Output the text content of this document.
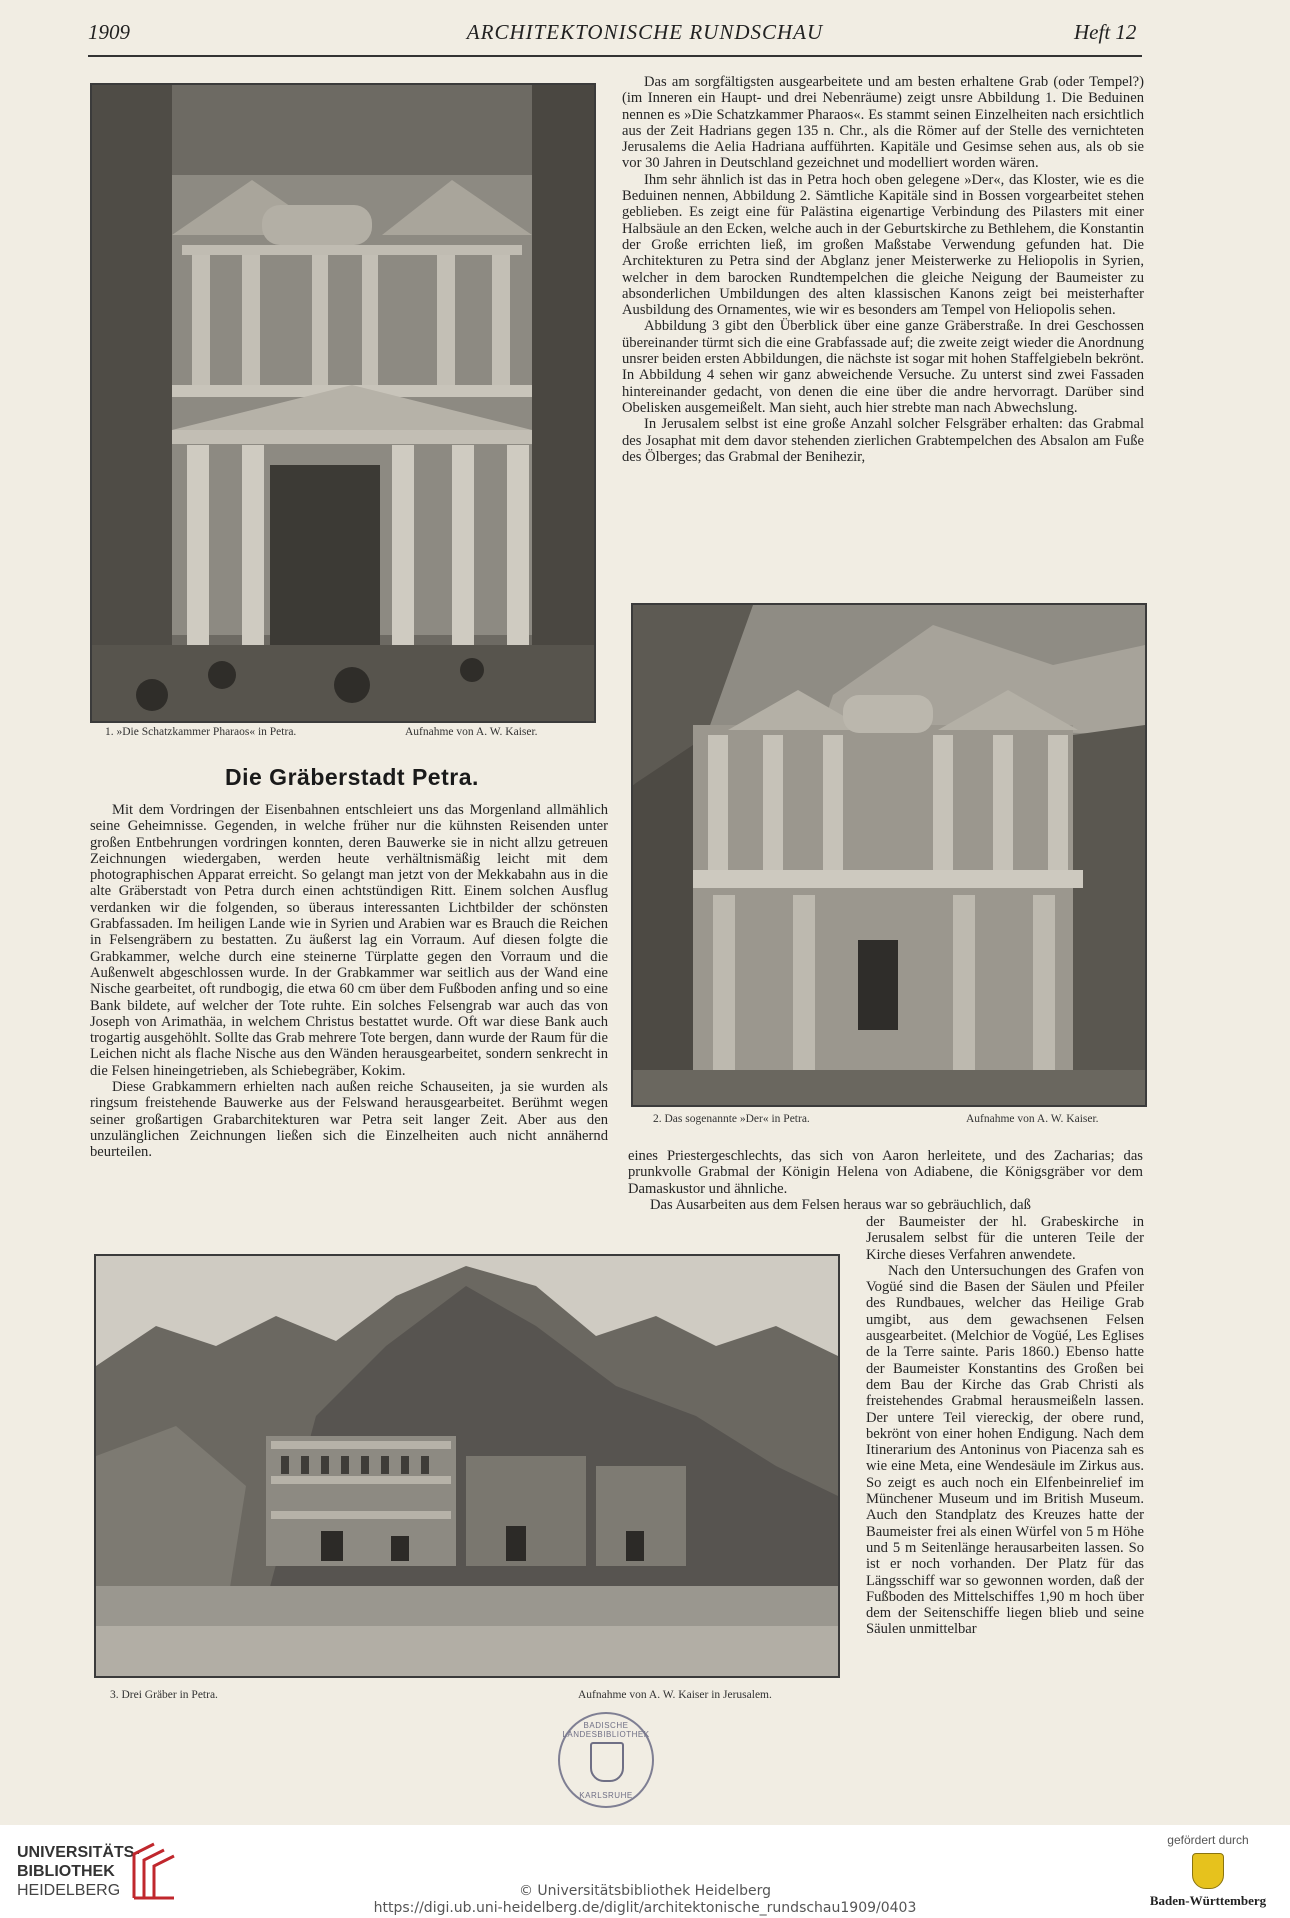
1909	ARCHITEKTONISCHE RUNDSCHAU	Heft 12
1. »Die Schatzkammer Pharaos« in Petra.	Aufnahme von A. W. Kaiser.
Die Gräberstadt Petra.

Mit dem Vordringen der Eisenbahnen entschleiert uns das Morgenland allmählich seine Geheimnisse. Gegenden, in welche früher nur die kühnsten Reisenden unter großen Entbehrungen vordringen konnten, deren Bauwerke sie in nicht allzu getreuen Zeichnungen wiedergaben, werden heute verhältnismäßig leicht mit dem photographischen Apparat erreicht. So gelangt man jetzt von der Mekkabahn aus in die alte Gräberstadt von Petra durch einen achtstündigen Ritt. Einem solchen Ausflug verdanken wir die folgenden, so überaus interessanten Lichtbilder der schönsten Grabfassaden. Im heiligen Lande wie in Syrien und Arabien war es Brauch die Reichen in Felsengräbern zu bestatten. Zu äußerst lag ein Vorraum. Auf diesen folgte die Grabkammer, welche durch eine steinerne Türplatte gegen den Vorraum und die Außenwelt abgeschlossen wurde. In der Grabkammer war seitlich aus der Wand eine Nische gearbeitet, oft rundbogig, die etwa 60 cm über dem Fußboden anfing und so eine Bank bildete, auf welcher der Tote ruhte. Ein solches Felsengrab war auch das von Joseph von Arimathäa, in welchem Christus bestattet wurde. Oft war diese Bank auch trogartig ausgehöhlt. Sollte das Grab mehrere Tote bergen, dann wurde der Raum für die Leichen nicht als flache Nische aus den Wänden herausgearbeitet, sondern senkrecht in die Felsen hineingetrieben, als Schiebegräber, Kokim.

Diese Grabkammern erhielten nach außen reiche Schauseiten, ja sie wurden als ringsum freistehende Bauwerke aus der Felswand herausgearbeitet. Berühmt wegen seiner großartigen Grabarchitekturen war Petra seit langer Zeit. Aber aus den unzulänglichen Zeichnungen ließen sich die Einzelheiten auch nicht annähernd beurteilen.

Das am sorgfältigsten ausgearbeitete und am besten erhaltene Grab (oder Tempel?) (im Inneren ein Haupt- und drei Nebenräume) zeigt unsre Abbildung 1. Die Beduinen nennen es »Die Schatzkammer Pharaos«. Es stammt seinen Einzelheiten nach ersichtlich aus der Zeit Hadrians gegen 135 n. Chr., als die Römer auf der Stelle des vernichteten Jerusalems die Aelia Hadriana aufführten. Kapitäle und Gesimse sehen aus, als ob sie vor 30 Jahren in Deutschland gezeichnet und modelliert worden wären.

Ihm sehr ähnlich ist das in Petra hoch oben gelegene »Der«, das Kloster, wie es die Beduinen nennen, Abbildung 2. Sämtliche Kapitäle sind in Bossen vorgearbeitet stehen geblieben. Es zeigt eine für Palästina eigenartige Verbindung des Pilasters mit einer Halbsäule an den Ecken, welche auch in der Geburtskirche zu Bethlehem, die Konstantin der Große errichten ließ, im großen Maßstabe Verwendung gefunden hat. Die Architekturen zu Petra sind der Abglanz jener Meisterwerke zu Heliopolis in Syrien, welcher in dem barocken Rundtempelchen die gleiche Neigung der Baumeister zu absonderlichen Umbildungen des alten klassischen Kanons zeigt bei meisterhafter Ausbildung des Ornamentes, wie wir es besonders am Tempel von Heliopolis sehen.

Abbildung 3 gibt den Überblick über eine ganze Gräberstraße. In drei Geschossen übereinander türmt sich die eine Grabfassade auf; die zweite zeigt wieder die Anordnung unsrer beiden ersten Abbildungen, die nächste ist sogar mit hohen Staffelgiebeln bekrönt. In Abbildung 4 sehen wir ganz abweichende Versuche. Zu unterst sind zwei Fassaden hintereinander gedacht, von denen die eine über die andre hervorragt. Darüber sind Obelisken ausgemeißelt. Man sieht, auch hier strebte man nach Abwechslung.

In Jerusalem selbst ist eine große Anzahl solcher Felsgräber erhalten: das Grabmal des Josaphat mit dem davor stehenden zierlichen Grabtempelchen des Absalon am Fuße des Ölberges; das Grabmal der Benihezir,

2. Das sogenannte »Der« in Petra.	Aufnahme von A. W. Kaiser.

eines Priestergeschlechts, das sich von Aaron herleitete, und des Zacharias; das prunkvolle Grabmal der Königin Helena von Adiabene, die Königsgräber vor dem Damaskustor und ähnliche.

Das Ausarbeiten aus dem Felsen heraus war so gebräuchlich, daß

3. Drei Gräber in Petra.	Aufnahme von A. W. Kaiser in Jerusalem.

der Baumeister der hl. Grabeskirche in Jerusalem selbst für die unteren Teile der Kirche dieses Verfahren anwendete.

Nach den Untersuchungen des Grafen von Vogüé sind die Basen der Säulen und Pfeiler des Rundbaues, welcher das Heilige Grab umgibt, aus dem gewachsenen Felsen ausgearbeitet. (Melchior de Vogüé, Les Eglises de la Terre sainte. Paris 1860.) Ebenso hatte der Baumeister Konstantins des Großen bei dem Bau der Kirche das Grab Christi als freistehendes Grabmal herausmeißeln lassen. Der untere Teil viereckig, der obere rund, bekrönt von einer hohen Endigung. Nach dem Itinerarium des Antoninus von Piacenza sah es wie eine Meta, eine Wendesäule im Zirkus aus. So zeigt es auch noch ein Elfenbeinrelief im Münchener Museum und im British Museum. Auch den Standplatz des Kreuzes hatte der Baumeister frei als einen Würfel von 5 m Höhe und 5 m Seitenlänge herausarbeiten lassen. So ist er noch vorhanden. Der Platz für das Längsschiff war so gewonnen worden, daß der Fußboden des Mittelschiffes 1,90 m hoch über dem der Seitenschiffe liegen blieb und seine Säulen unmittelbar

BADISCHE LANDESBIBLIOTHEK
KARLSRUHE
UNIVERSITÄTS-
BIBLIOTHEK
HEIDELBERG	© Universitätsbibliothek Heidelberg
https://digi.ub.uni-heidelberg.de/diglit/architektonische_rundschau1909/0403
gefördert durch
Baden-Württemberg
